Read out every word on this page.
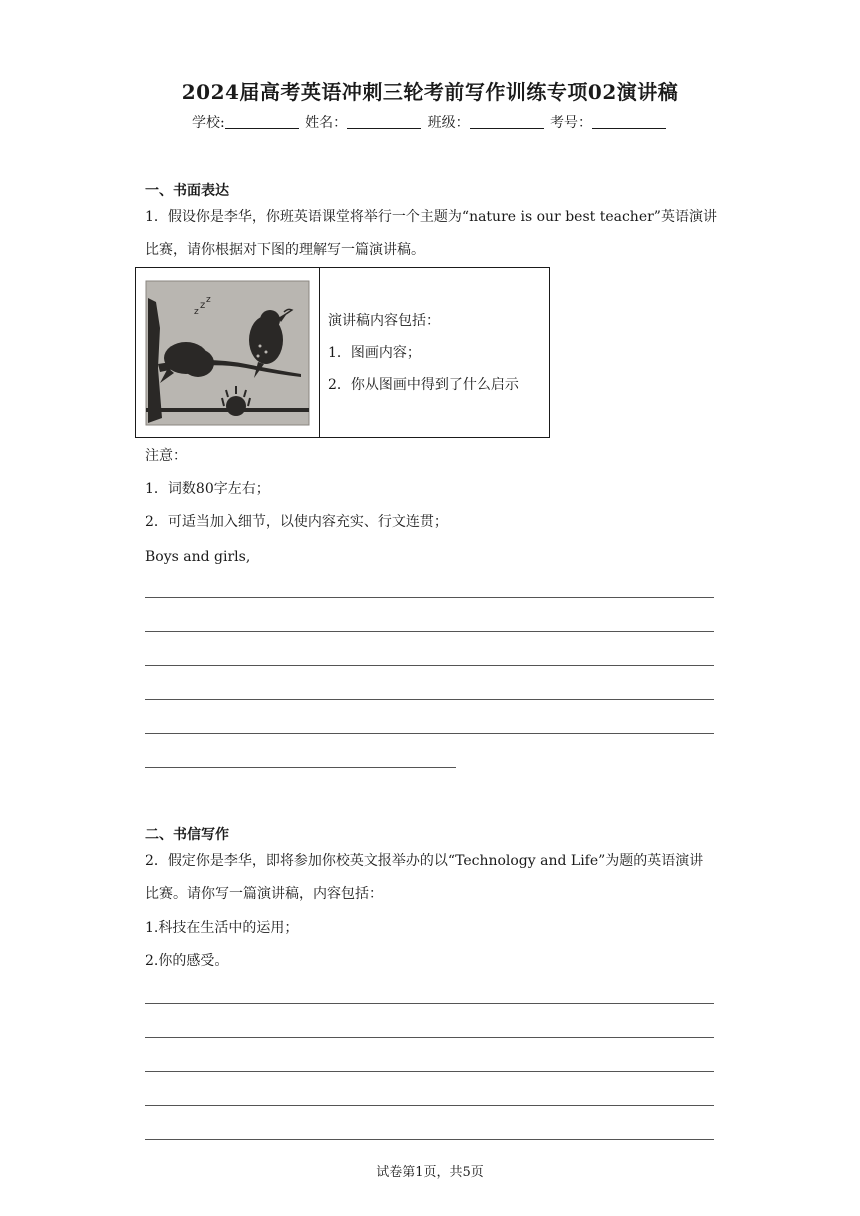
2024届高考英语冲刺三轮考前写作训练专项02演讲稿
学校:	姓名：	班级：	考号：
一、书面表达
1．假设你是李华，你班英语课堂将举行一个主题为“nature is our best teacher”英语演讲
比赛，请你根据对下图的理解写一篇演讲稿。
z
z z

演讲稿内容包括：
1．图画内容；
2．你从图画中得到了什么启示
注意：
1．词数80字左右；
2．可适当加入细节，以使内容充实、行文连贯；
Boys and girls,
二、书信写作
2．假定你是李华，即将参加你校英文报举办的以“Technology and Life”为题的英语演讲
比赛。请你写一篇演讲稿，内容包括：
1.科技在生活中的运用；
2.你的感受。
试卷第1页，共5页
